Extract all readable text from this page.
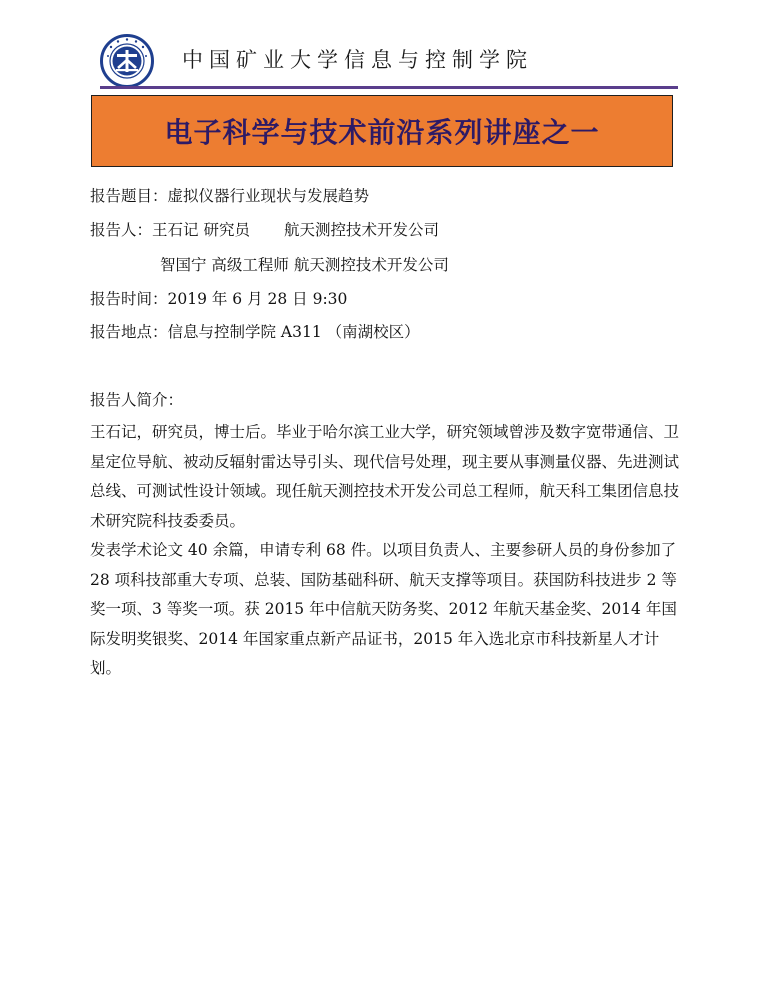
中国矿业大学信息与控制学院
电子科学与技术前沿系列讲座之一
报告题目：虚拟仪器行业现状与发展趋势
报告人：王石记 研究员 航天测控技术开发公司
智国宁 高级工程师 航天测控技术开发公司
报告时间：2019 年 6 月 28 日 9:30
报告地点：信息与控制学院 A311 （南湖校区）
报告人简介：

王石记，研究员，博士后。毕业于哈尔滨工业大学，研究领域曾涉及数字宽带通信、卫星定位导航、被动反辐射雷达导引头、现代信号处理，现主要从事测量仪器、先进测试总线、可测试性设计领域。现任航天测控技术开发公司总工程师，航天科工集团信息技术研究院科技委委员。

发表学术论文 40 余篇，申请专利 68 件。以项目负责人、主要参研人员的身份参加了 28 项科技部重大专项、总装、国防基础科研、航天支撑等项目。获国防科技进步 2 等奖一项、3 等奖一项。获 2015 年中信航天防务奖、2012 年航天基金奖、2014 年国际发明奖银奖、2014 年国家重点新产品证书，2015 年入选北京市科技新星人才计划。
